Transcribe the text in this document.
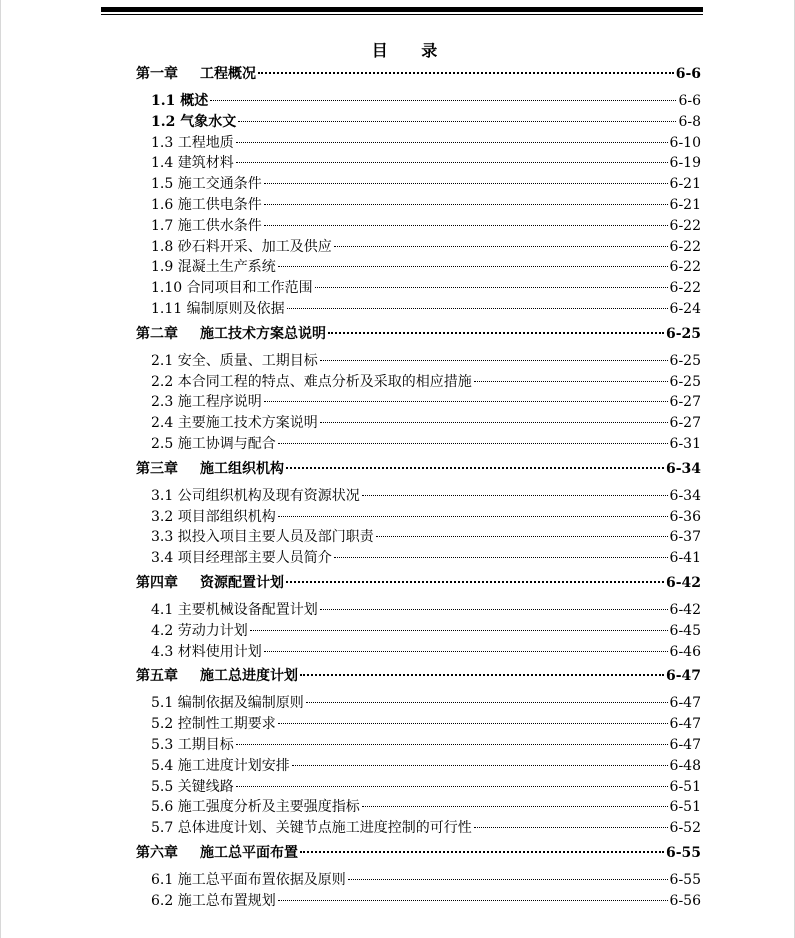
目 录
第一章 工程概况	6-6
1.1 概述	6-6
1.2 气象水文	6-8
1.3 工程地质	6-10
1.4 建筑材料	6-19
1.5 施工交通条件	6-21
1.6 施工供电条件	6-21
1.7 施工供水条件	6-22
1.8 砂石料开采、加工及供应	6-22
1.9 混凝土生产系统	6-22
1.10 合同项目和工作范围	6-22
1.11 编制原则及依据	6-24
第二章 施工技术方案总说明	6-25
2.1 安全、质量、工期目标	6-25
2.2 本合同工程的特点、难点分析及采取的相应措施	6-25
2.3 施工程序说明	6-27
2.4 主要施工技术方案说明	6-27
2.5 施工协调与配合	6-31
第三章 施工组织机构	6-34
3.1 公司组织机构及现有资源状况	6-34
3.2 项目部组织机构	6-36
3.3 拟投入项目主要人员及部门职责	6-37
3.4 项目经理部主要人员简介	6-41
第四章 资源配置计划	6-42
4.1 主要机械设备配置计划	6-42
4.2 劳动力计划	6-45
4.3 材料使用计划	6-46
第五章 施工总进度计划	6-47
5.1 编制依据及编制原则	6-47
5.2 控制性工期要求	6-47
5.3 工期目标	6-47
5.4 施工进度计划安排	6-48
5.5 关键线路	6-51
5.6 施工强度分析及主要强度指标	6-51
5.7 总体进度计划、关键节点施工进度控制的可行性	6-52
第六章 施工总平面布置	6-55
6.1 施工总平面布置依据及原则	6-55
6.2 施工总布置规划	6-56
